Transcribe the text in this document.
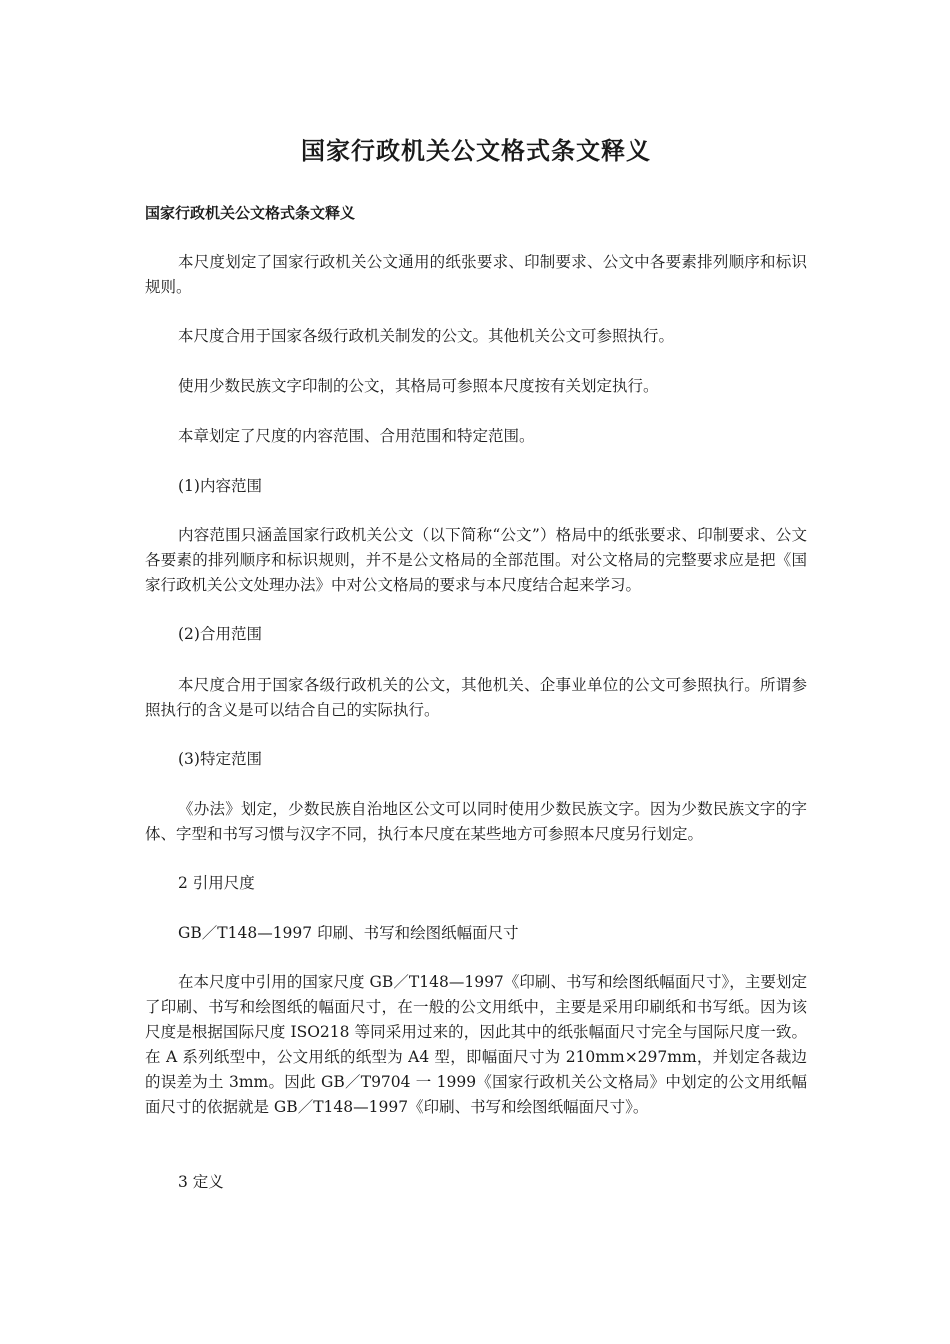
国家行政机关公文格式条文释义
国家行政机关公文格式条文释义

本尺度划定了国家行政机关公文通用的纸张要求、印制要求、公文中各要素排列顺序和标识规则。

本尺度合用于国家各级行政机关制发的公文。其他机关公文可参照执行。

使用少数民族文字印制的公文，其格局可参照本尺度按有关划定执行。

本章划定了尺度的内容范围、合用范围和特定范围。

(1)内容范围

内容范围只涵盖国家行政机关公文（以下简称“公文”）格局中的纸张要求、印制要求、公文各要素的排列顺序和标识规则，并不是公文格局的全部范围。对公文格局的完整要求应是把《国家行政机关公文处理办法》中对公文格局的要求与本尺度结合起来学习。

(2)合用范围

本尺度合用于国家各级行政机关的公文，其他机关、企事业单位的公文可参照执行。所谓参照执行的含义是可以结合自己的实际执行。

(3)特定范围

《办法》划定，少数民族自治地区公文可以同时使用少数民族文字。因为少数民族文字的字体、字型和书写习惯与汉字不同，执行本尺度在某些地方可参照本尺度另行划定。

2 引用尺度

GB／T148—1997 印刷、书写和绘图纸幅面尺寸

在本尺度中引用的国家尺度 GB／T148—1997《印刷、书写和绘图纸幅面尺寸》，主要划定了印刷、书写和绘图纸的幅面尺寸，在一般的公文用纸中，主要是采用印刷纸和书写纸。因为该尺度是根据国际尺度 ISO218 等同采用过来的，因此其中的纸张幅面尺寸完全与国际尺度一致。在 A 系列纸型中，公文用纸的纸型为 A4 型，即幅面尺寸为 210mm×297mm，并划定各裁边的误差为土 3mm。因此 GB／T9704 一 1999《国家行政机关公文格局》中划定的公文用纸幅面尺寸的依据就是 GB／T148—1997《印刷、书写和绘图纸幅面尺寸》。

3 定义
